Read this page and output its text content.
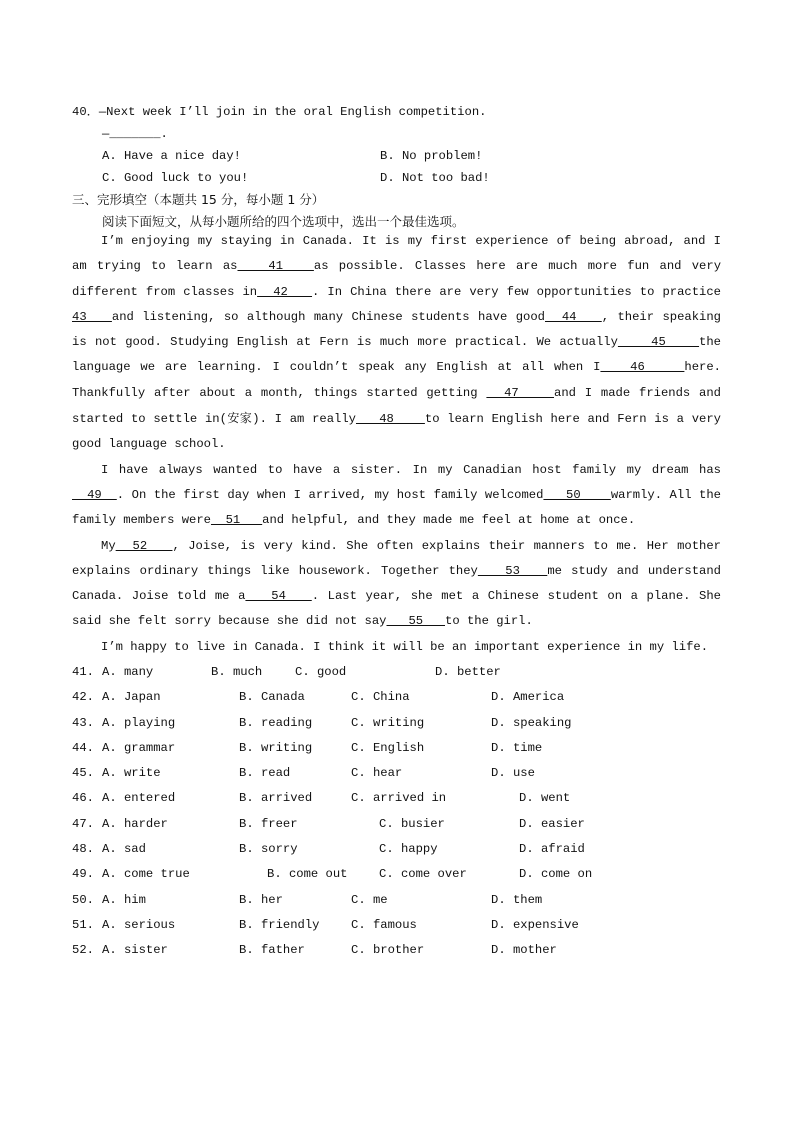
40．—Next week I’ll join in the oral English competition.
—_______.
A. Have a nice day!	B. No problem!
C. Good luck to you!	D. Not too bad!
三、完形填空（本题共 15 分，每小题 1 分）
阅读下面短文，从每小题所给的四个选项中，选出一个最佳选项。

I’m enjoying my staying in Canada. It is my first experience of being abroad, and I am trying to learn as   41   as possible. Classes here are much more fun and very different from classes in  42   . In China there are very few opportunities to practice 43   and listening, so although many Chinese students have good  44   , their speaking is not good. Studying English at Fern is much more practical. We actually    45    the language we are learning. I couldn’t speak any English at all when I   46    here. Thankfully after about a month, things started getting   47    and I made friends and started to settle in(安家). I am really   48    to learn English here and Fern is a very good language school.

I have always wanted to have a sister. In my Canadian host family my dream has  49  . On the first day when I arrived, my host family welcomed   50    warmly. All the family members were  51   and helpful, and they made me feel at home at once.

My  52   , Joise, is very kind. She often explains their manners to me. Her mother explains ordinary things like housework. Together they   53   me study and understand Canada. Joise told me a   54   . Last year, she met a Chinese student on a plane. She said she felt sorry because she did not say   55   to the girl.

I’m happy to live in Canada. I think it will be an important experience in my life.

41. A. many	B. much	C. good	D. better
42. A. Japan	B. Canada	C. China	D. America
43. A. playing	B. reading	C. writing	D. speaking
44. A. grammar	B. writing	C. English	D. time
45. A. write	B. read	C. hear	D. use
46. A. entered	B. arrived	C. arrived in	D. went
47. A. harder	B. freer	C. busier	D. easier
48. A. sad	B. sorry	C. happy	D. afraid
49. A. come true	B. come out	C. come over	D. come on
50. A. him	B. her	C. me	D. them
51. A. serious	B. friendly	C. famous	D. expensive
52. A. sister	B. father	C. brother	D. mother
